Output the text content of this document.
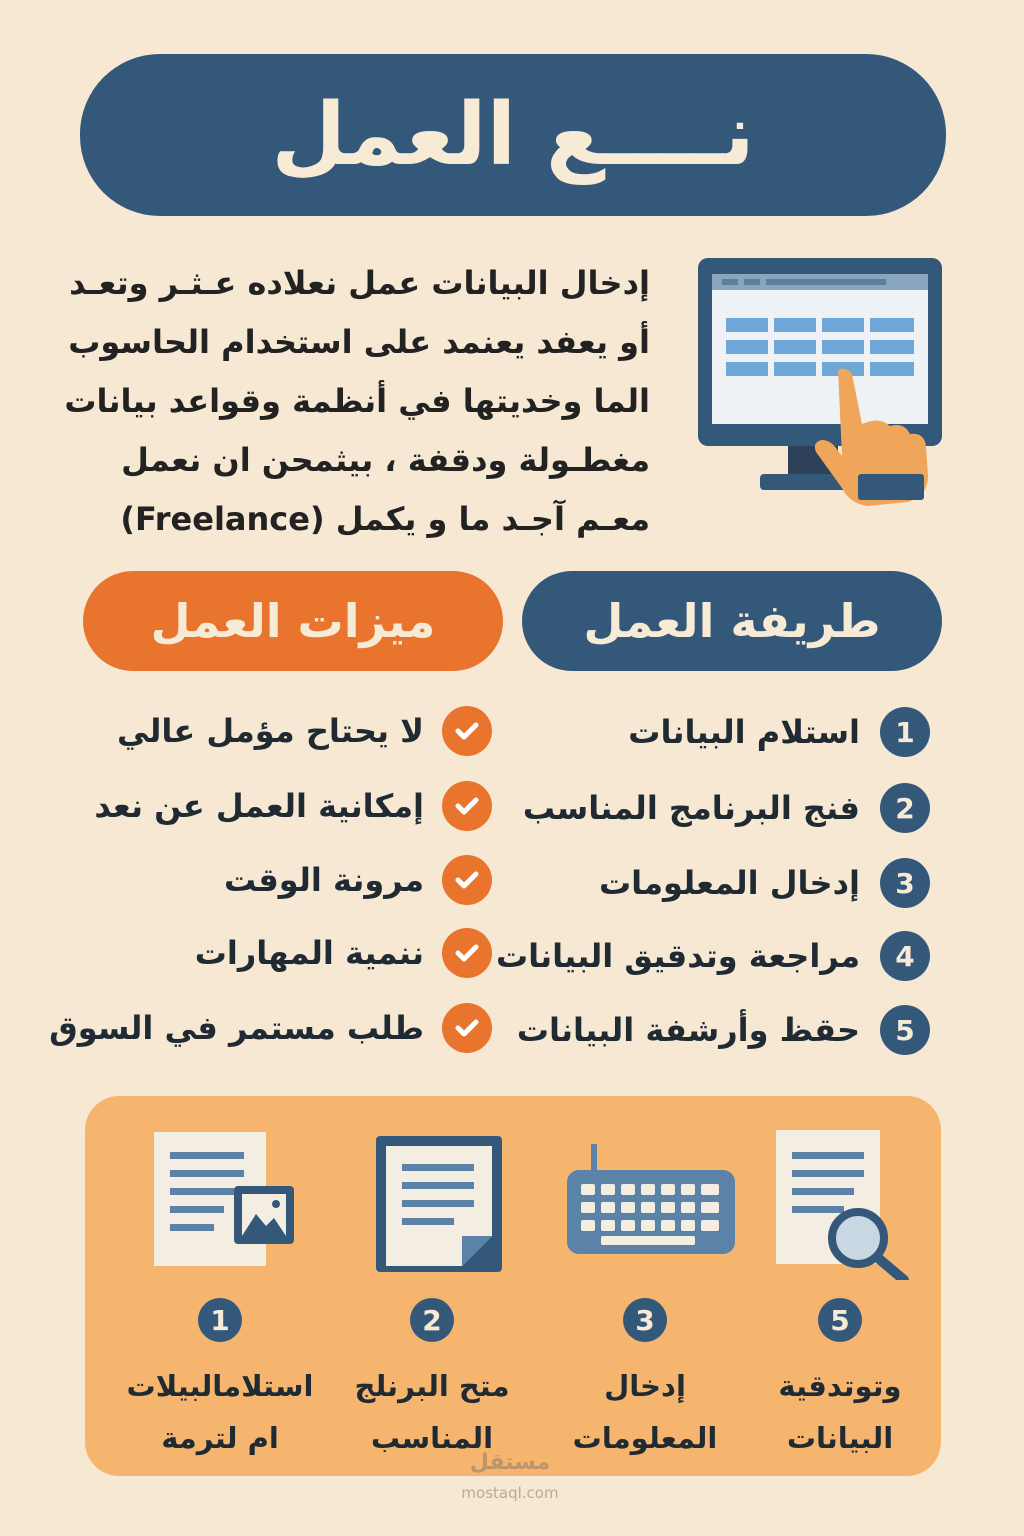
نــــع العمل
إدخال البيانات عمل نعلاده عـثـر وتعـد
أو يعفد يعنمد على استخدام الحاسوب
الما وخديتها في أنظمة وقواعد بيانات
مغطـولة ودقفة ، بيثمحن ان نعمل
معـم آجـد ما و يكمل (Freelance)
طريفة العمل
ميزات العمل
1
استلام البيانات
2
فنج البرنامج المناسب
3
إدخال المعلومات
4
مراجعة وتدقيق البيانات
5
حقظ وأرشفة البيانات
لا يحتاح مؤمل عالي
إمكانية العمل عن نعد
مرونة الوقت
ننمية المهارات
طلب مستمر في السوق
1
استلامالبيلات
ام لترمة
2
متح البرنلج
المناسب
3
إدخال
المعلومات
5
وتوتدقية
البيانات
مستقل
mostaql.com
